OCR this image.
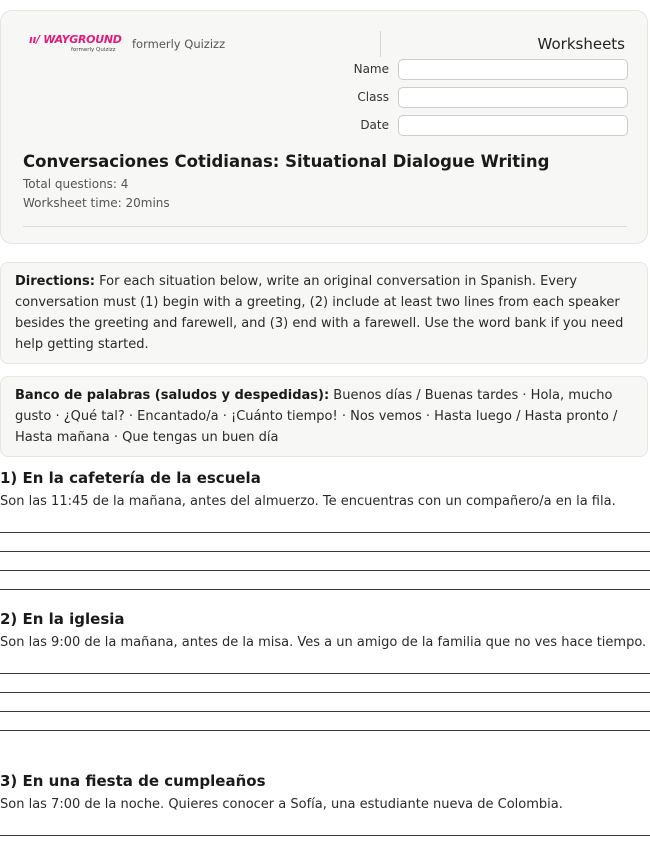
ıı/ WAYGROUND
formerly Quizizz formerly Quizizz	Worksheets
Name
Class
Date
Conversaciones Cotidianas: Situational Dialogue Writing
Total questions: 4
Worksheet time: 20mins
Directions: For each situation below, write an original conversation in Spanish. Every conversation must (1) begin with a greeting, (2) include at least two lines from each speaker besides the greeting and farewell, and (3) end with a farewell. Use the word bank if you need help getting started.
Banco de palabras (saludos y despedidas): Buenos días / Buenas tardes · Hola, mucho gusto · ¿Qué tal? · Encantado/a · ¡Cuánto tiempo! · Nos vemos · Hasta luego / Hasta pronto / Hasta mañana · Que tengas un buen día
1) En la cafetería de la escuela
Son las 11:45 de la mañana, antes del almuerzo. Te encuentras con un compañero/a en la fila.
2) En la iglesia
Son las 9:00 de la mañana, antes de la misa. Ves a un amigo de la familia que no ves hace tiempo.
3) En una fiesta de cumpleaños
Son las 7:00 de la noche. Quieres conocer a Sofía, una estudiante nueva de Colombia.
